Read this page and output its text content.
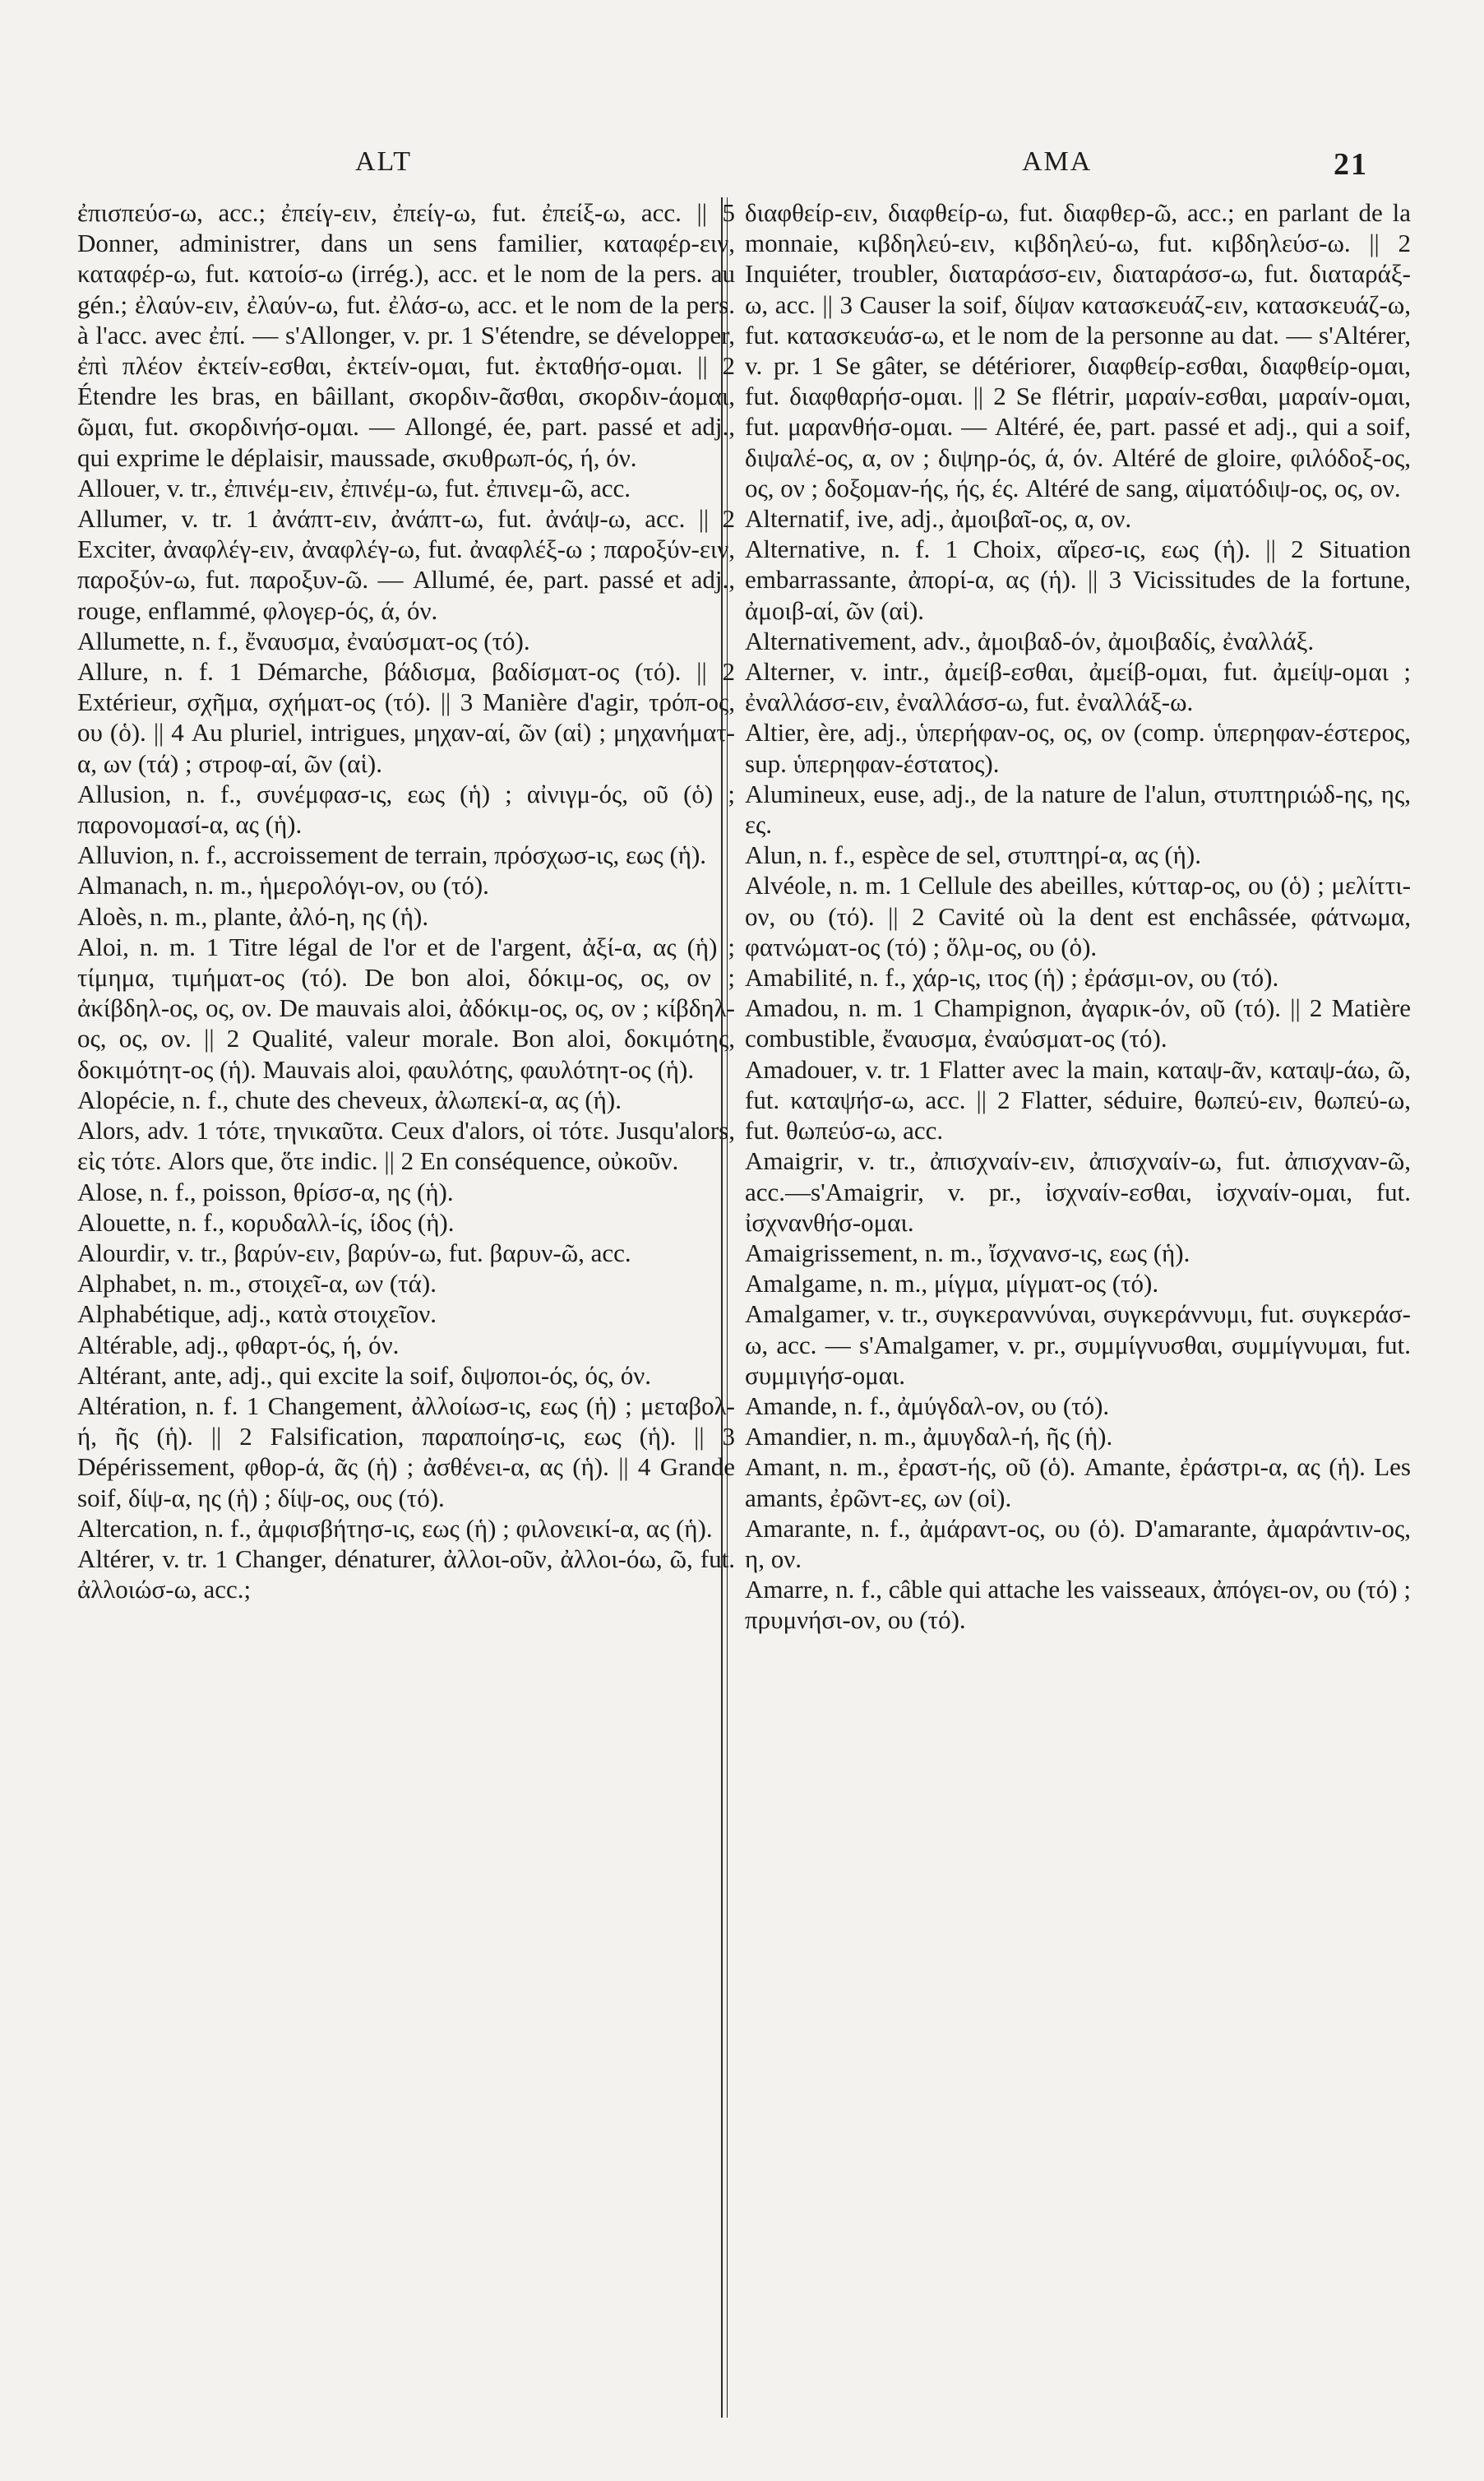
ALT	AMA	21

ἐπισπεύσ-ω, acc.; ἐπείγ-ειν, ἐπείγ-ω, fut. ἐπείξ-ω, acc. || 5 Donner, administrer, dans un sens familier, καταφέρ-ειν, καταφέρ-ω, fut. κατοίσ-ω (irrég.), acc. et le nom de la pers. au gén.; ἐλαύν-ειν, ἐλαύν-ω, fut. ἐλάσ-ω, acc. et le nom de la pers. à l'acc. avec ἐπί. — s'Allonger, v. pr. 1 S'étendre, se développer, ἐπὶ πλέον ἐκτείν-εσθαι, ἐκτείν-ομαι, fut. ἐκταθήσ-ομαι. || 2 Étendre les bras, en bâillant, σκορδιν-ᾶσθαι, σκορδιν-άομαι, ῶμαι, fut. σκορδινήσ-ομαι. — Allongé, ée, part. passé et adj., qui exprime le déplaisir, maussade, σκυθρωπ-ός, ή, όν.

Allouer, v. tr., ἐπινέμ-ειν, ἐπινέμ-ω, fut. ἐπινεμ-ῶ, acc.

Allumer, v. tr. 1 ἀνάπτ-ειν, ἀνάπτ-ω, fut. ἀνάψ-ω, acc. || 2 Exciter, ἀναφλέγ-ειν, ἀναφλέγ-ω, fut. ἀναφλέξ-ω ; παροξύν-ειν, παροξύν-ω, fut. παροξυν-ῶ. — Allumé, ée, part. passé et adj., rouge, enflammé, φλογερ-ός, ά, όν.

Allumette, n. f., ἔναυσμα, ἐναύσματ-ος (τό).

Allure, n. f. 1 Démarche, βάδισμα, βαδίσματ-ος (τό). || 2 Extérieur, σχῆμα, σχήματ-ος (τό). || 3 Manière d'agir, τρόπ-ος, ου (ὁ). || 4 Au pluriel, intrigues, μηχαν-αί, ῶν (αἱ) ; μηχανήματ-α, ων (τά) ; στροφ-αί, ῶν (αἱ).

Allusion, n. f., συνέμφασ-ις, εως (ἡ) ; αἰνιγμ-ός, οῦ (ὁ) ; παρονομασί-α, ας (ἡ).

Alluvion, n. f., accroissement de terrain, πρόσχωσ-ις, εως (ἡ).

Almanach, n. m., ἡμερολόγι-ον, ου (τό).

Aloès, n. m., plante, ἀλό-η, ης (ἡ).

Aloi, n. m. 1 Titre légal de l'or et de l'argent, ἀξί-α, ας (ἡ) ; τίμημα, τιμήματ-ος (τό). De bon aloi, δόκιμ-ος, ος, ον ; ἀκίβδηλ-ος, ος, ον. De mauvais aloi, ἀδόκιμ-ος, ος, ον ; κίβδηλ-ος, ος, ον. || 2 Qualité, valeur morale. Bon aloi, δοκιμότης, δοκιμότητ-ος (ἡ). Mauvais aloi, φαυλότης, φαυλότητ-ος (ἡ).

Alopécie, n. f., chute des cheveux, ἀλωπεκί-α, ας (ἡ).

Alors, adv. 1 τότε, τηνικαῦτα. Ceux d'alors, οἱ τότε. Jusqu'alors, εἰς τότε. Alors que, ὅτε indic. || 2 En conséquence, οὐκοῦν.

Alose, n. f., poisson, θρίσσ-α, ης (ἡ).

Alouette, n. f., κορυδαλλ-ίς, ίδος (ἡ).

Alourdir, v. tr., βαρύν-ειν, βαρύν-ω, fut. βαρυν-ῶ, acc.

Alphabet, n. m., στοιχεῖ-α, ων (τά).

Alphabétique, adj., κατὰ στοιχεῖον.

Altérable, adj., φθαρτ-ός, ή, όν.

Altérant, ante, adj., qui excite la soif, διψοποι-ός, ός, όν.

Altération, n. f. 1 Changement, ἀλλοίωσ-ις, εως (ἡ) ; μεταβολ-ή, ῆς (ἡ). || 2 Falsification, παραποίησ-ις, εως (ἡ). || 3 Dépérissement, φθορ-ά, ᾶς (ἡ) ; ἀσθένει-α, ας (ἡ). || 4 Grande soif, δίψ-α, ης (ἡ) ; δίψ-ος, ους (τό).

Altercation, n. f., ἀμφισβήτησ-ις, εως (ἡ) ; φιλονεικί-α, ας (ἡ).

Altérer, v. tr. 1 Changer, dénaturer, ἀλλοι-οῦν, ἀλλοι-όω, ῶ, fut. ἀλλοιώσ-ω, acc.;

διαφθείρ-ειν, διαφθείρ-ω, fut. διαφθερ-ῶ, acc.; en parlant de la monnaie, κιβδηλεύ-ειν, κιβδηλεύ-ω, fut. κιβδηλεύσ-ω. || 2 Inquiéter, troubler, διαταράσσ-ειν, διαταράσσ-ω, fut. διαταράξ-ω, acc. || 3 Causer la soif, δίψαν κατασκευάζ-ειν, κατασκευάζ-ω, fut. κατασκευάσ-ω, et le nom de la personne au dat. — s'Altérer, v. pr. 1 Se gâter, se détériorer, διαφθείρ-εσθαι, διαφθείρ-ομαι, fut. διαφθαρήσ-ομαι. || 2 Se flétrir, μαραίν-εσθαι, μαραίν-ομαι, fut. μαρανθήσ-ομαι. — Altéré, ée, part. passé et adj., qui a soif, διψαλέ-ος, α, ον ; διψηρ-ός, ά, όν. Altéré de gloire, φιλόδοξ-ος, ος, ον ; δοξομαν-ής, ής, ές. Altéré de sang, αἱματόδιψ-ος, ος, ον.

Alternatif, ive, adj., ἀμοιβαῖ-ος, α, ον.

Alternative, n. f. 1 Choix, αἵρεσ-ις, εως (ἡ). || 2 Situation embarrassante, ἀπορί-α, ας (ἡ). || 3 Vicissitudes de la fortune, ἀμοιβ-αί, ῶν (αἱ).

Alternativement, adv., ἀμοιβαδ-όν, ἀμοιβαδίς, ἐναλλάξ.

Alterner, v. intr., ἀμείβ-εσθαι, ἀμείβ-ομαι, fut. ἀμείψ-ομαι ; ἐναλλάσσ-ειν, ἐναλλάσσ-ω, fut. ἐναλλάξ-ω.

Altier, ère, adj., ὑπερήφαν-ος, ος, ον (comp. ὑπερηφαν-έστερος, sup. ὑπερηφαν-έστατος).

Alumineux, euse, adj., de la nature de l'alun, στυπτηριώδ-ης, ης, ες.

Alun, n. f., espèce de sel, στυπτηρί-α, ας (ἡ).

Alvéole, n. m. 1 Cellule des abeilles, κύτταρ-ος, ου (ὁ) ; μελίττι-ον, ου (τό). || 2 Cavité où la dent est enchâssée, φάτνωμα, φατνώματ-ος (τό) ; ὅλμ-ος, ου (ὁ).

Amabilité, n. f., χάρ-ις, ιτος (ἡ) ; ἐράσμι-ον, ου (τό).

Amadou, n. m. 1 Champignon, ἀγαρικ-όν, οῦ (τό). || 2 Matière combustible, ἔναυσμα, ἐναύσματ-ος (τό).

Amadouer, v. tr. 1 Flatter avec la main, καταψ-ᾶν, καταψ-άω, ῶ, fut. καταψήσ-ω, acc. || 2 Flatter, séduire, θωπεύ-ειν, θωπεύ-ω, fut. θωπεύσ-ω, acc.

Amaigrir, v. tr., ἀπισχναίν-ειν, ἀπισχναίν-ω, fut. ἀπισχναν-ῶ, acc.—s'Amaigrir, v. pr., ἰσχναίν-εσθαι, ἰσχναίν-ομαι, fut. ἰσχνανθήσ-ομαι.

Amaigrissement, n. m., ἴσχνανσ-ις, εως (ἡ).

Amalgame, n. m., μίγμα, μίγματ-ος (τό).

Amalgamer, v. tr., συγκεραννύναι, συγκεράννυμι, fut. συγκεράσ-ω, acc. — s'Amalgamer, v. pr., συμμίγνυσθαι, συμμίγνυμαι, fut. συμμιγήσ-ομαι.

Amande, n. f., ἀμύγδαλ-ον, ου (τό).

Amandier, n. m., ἀμυγδαλ-ή, ῆς (ἡ).

Amant, n. m., ἐραστ-ής, οῦ (ὁ). Amante, ἐράστρι-α, ας (ἡ). Les amants, ἐρῶντ-ες, ων (οἱ).

Amarante, n. f., ἀμάραντ-ος, ου (ὁ). D'amarante, ἀμαράντιν-ος, η, ον.

Amarre, n. f., câble qui attache les vaisseaux, ἀπόγει-ον, ου (τό) ; πρυμνήσι-ον, ου (τό).
